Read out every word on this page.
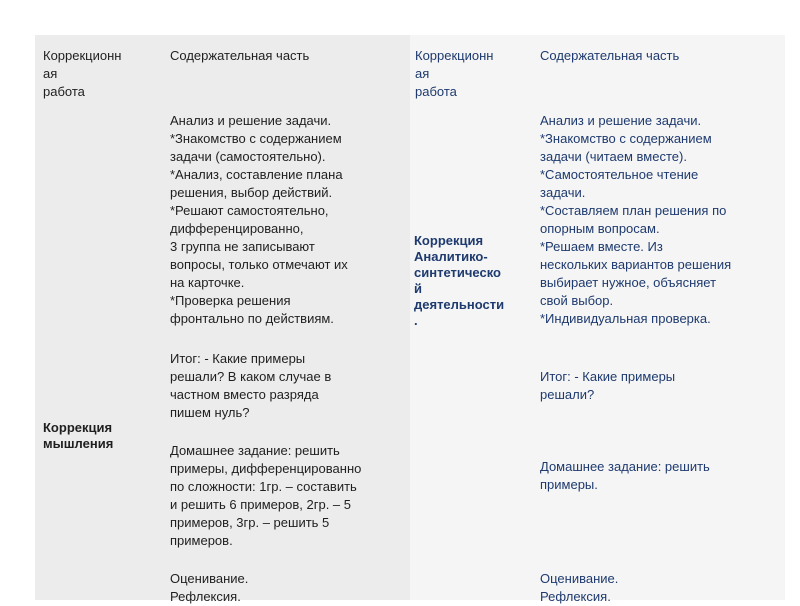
Коррекционн
ая
работа
Содержательная часть	Коррекционн
ая
работа
Содержательная часть
Коррекция
мышления
Коррекция
Аналитико-
синтетическо
й
деятельности
.
Анализ и решение задачи.
*Знакомство с содержанием
задачи (самостоятельно).
*Анализ, составление плана
решения, выбор действий.
*Решают самостоятельно,
дифференцированно,
3 группа не записывают
вопросы, только отмечают их
на карточке.
*Проверка решения
фронтально по действиям.
Итог: - Какие примеры
решали? В каком случае в
частном вместо разряда
пишем нуль?
Домашнее задание: решить
примеры, дифференцированно
по сложности: 1гр. – составить
и решить 6 примеров, 2гр. – 5
примеров, 3гр. – решить 5
примеров.
Оценивание.
Рефлексия.
Анализ и решение задачи.
*Знакомство с содержанием
задачи (читаем вместе).
*Самостоятельное чтение
задачи.
*Составляем план решения по
опорным вопросам.
*Решаем вместе. Из
нескольких вариантов решения
выбирает нужное, объясняет
свой выбор.
*Индивидуальная проверка.
Итог: - Какие примеры
решали?
Домашнее задание: решить
примеры.
Оценивание.
Рефлексия.
